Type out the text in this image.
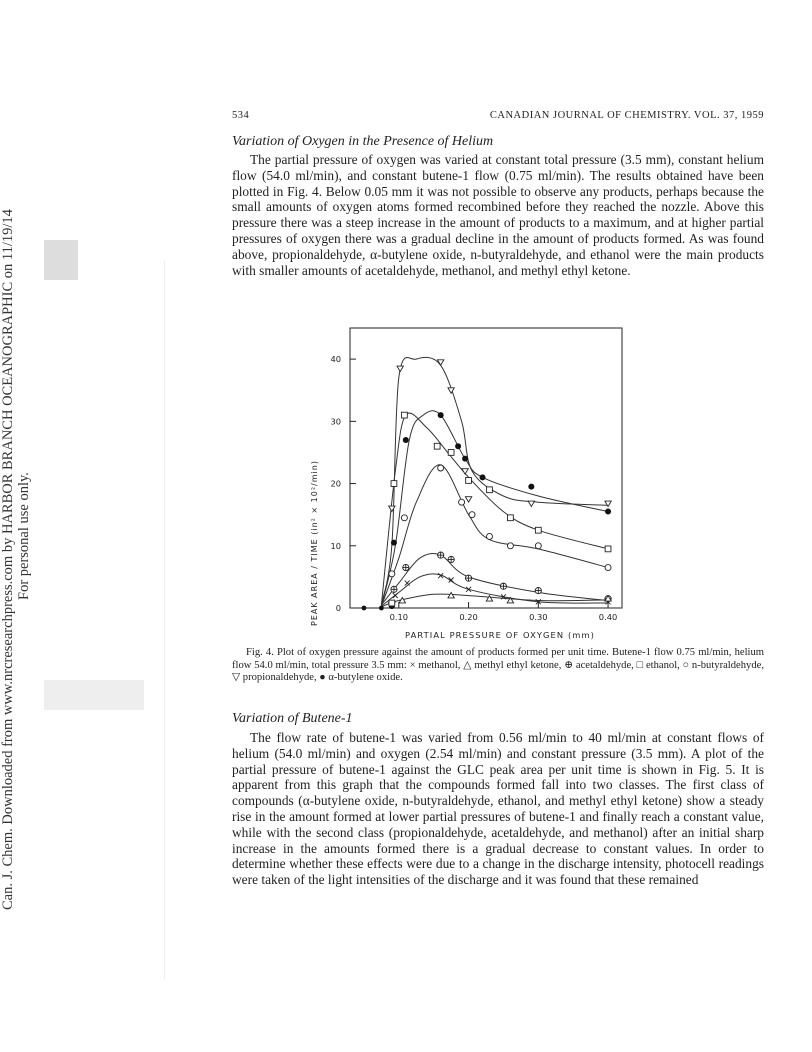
Can. J. Chem. Downloaded from www.nrcresearchpress.com by HARBOR BRANCH OCEANOGRAPHIC on 11/19/14 For personal use only.
534	CANADIAN JOURNAL OF CHEMISTRY. VOL. 37, 1959
Variation of Oxygen in the Presence of Helium

The partial pressure of oxygen was varied at constant total pressure (3.5 mm), constant helium flow (54.0 ml/min), and constant butene-1 flow (0.75 ml/min). The results obtained have been plotted in Fig. 4. Below 0.05 mm it was not possible to observe any products, perhaps because the small amounts of oxygen atoms formed recombined before they reached the nozzle. Above this pressure there was a steep increase in the amount of products to a maximum, and at higher partial pressures of oxygen there was a gradual decline in the amount of products formed. As was found above, propionaldehyde, α-butylene oxide, n-butyraldehyde, and ethanol were the main products with smaller amounts of acetaldehyde, methanol, and methyl ethyl ketone.

0.10	0.20	0.30	0.40
10
20
30
40
0
PARTIAL PRESSURE OF OXYGEN (mm)
PEAK AREA / TIME (in² × 10²/min)

Fig. 4. Plot of oxygen pressure against the amount of products formed per unit time. Butene-1 flow 0.75 ml/min, helium flow 54.0 ml/min, total pressure 3.5 mm: × methanol, △ methyl ethyl ketone, ⊕ acetaldehyde, □ ethanol, ○ n-butyraldehyde, ▽ propionaldehyde, ● α-butylene oxide.

Variation of Butene-1

The flow rate of butene-1 was varied from 0.56 ml/min to 40 ml/min at constant flows of helium (54.0 ml/min) and oxygen (2.54 ml/min) and constant pressure (3.5 mm). A plot of the partial pressure of butene-1 against the GLC peak area per unit time is shown in Fig. 5. It is apparent from this graph that the compounds formed fall into two classes. The first class of compounds (α-butylene oxide, n-butyraldehyde, ethanol, and methyl ethyl ketone) show a steady rise in the amount formed at lower partial pressures of butene-1 and finally reach a constant value, while with the second class (propionaldehyde, acetaldehyde, and methanol) after an initial sharp increase in the amounts formed there is a gradual decrease to constant values. In order to determine whether these effects were due to a change in the discharge intensity, photocell readings were taken of the light intensities of the discharge and it was found that these remained
